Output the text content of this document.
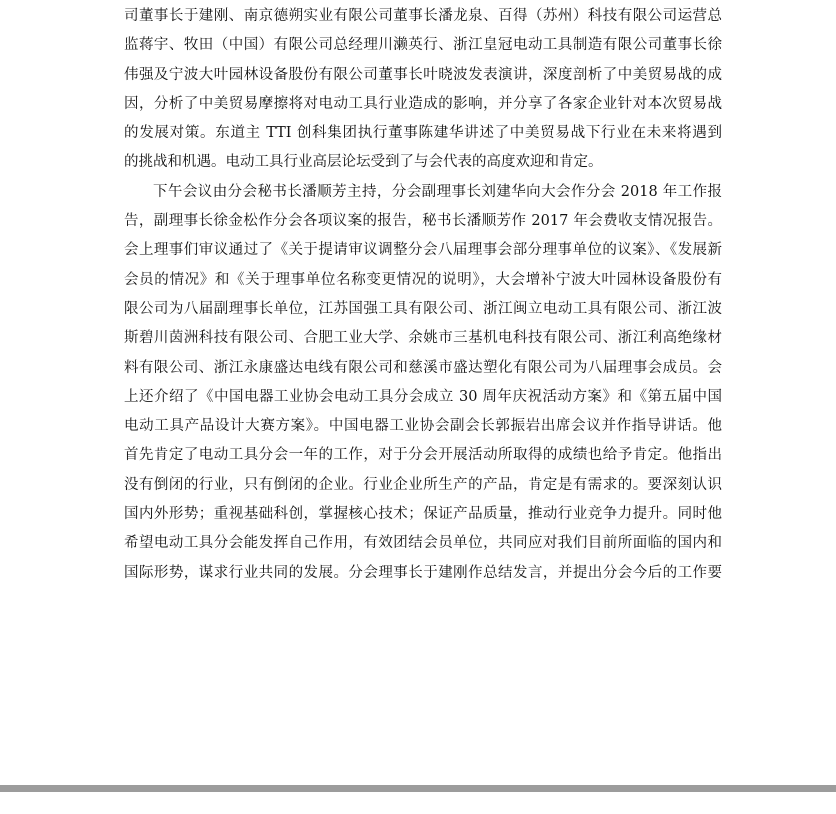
司董事长于建刚、南京德朔实业有限公司董事长潘龙泉、百得（苏州）科技有限公司运营总
监蒋宇、牧田（中国）有限公司总经理川濑英行、浙江皇冠电动工具制造有限公司董事长徐
伟强及宁波大叶园林设备股份有限公司董事长叶晓波发表演讲，深度剖析了中美贸易战的成
因，分析了中美贸易摩擦将对电动工具行业造成的影响，并分享了各家企业针对本次贸易战
的发展对策。东道主 TTI 创科集团执行董事陈建华讲述了中美贸易战下行业在未来将遇到
的挑战和机遇。电动工具行业高层论坛受到了与会代表的高度欢迎和肯定。
下午会议由分会秘书长潘顺芳主持，分会副理事长刘建华向大会作分会 2018 年工作报
告，副理事长徐金松作分会各项议案的报告，秘书长潘顺芳作 2017 年会费收支情况报告。
会上理事们审议通过了《关于提请审议调整分会八届理事会部分理事单位的议案》、《发展新
会员的情况》和《关于理事单位名称变更情况的说明》，大会增补宁波大叶园林设备股份有
限公司为八届副理事长单位，江苏国强工具有限公司、浙江闽立电动工具有限公司、浙江波
斯碧川茵洲科技有限公司、合肥工业大学、余姚市三基机电科技有限公司、浙江利高绝缘材
料有限公司、浙江永康盛达电线有限公司和慈溪市盛达塑化有限公司为八届理事会成员。会
上还介绍了《中国电器工业协会电动工具分会成立 30 周年庆祝活动方案》和《第五届中国
电动工具产品设计大赛方案》。中国电器工业协会副会长郭振岩出席会议并作指导讲话。他
首先肯定了电动工具分会一年的工作，对于分会开展活动所取得的成绩也给予肯定。他指出
没有倒闭的行业，只有倒闭的企业。行业企业所生产的产品，肯定是有需求的。要深刻认识
国内外形势；重视基础科创，掌握核心技术；保证产品质量，推动行业竞争力提升。同时他
希望电动工具分会能发挥自己作用，有效团结会员单位，共同应对我们目前所面临的国内和
国际形势，谋求行业共同的发展。分会理事长于建刚作总结发言，并提出分会今后的工作要
